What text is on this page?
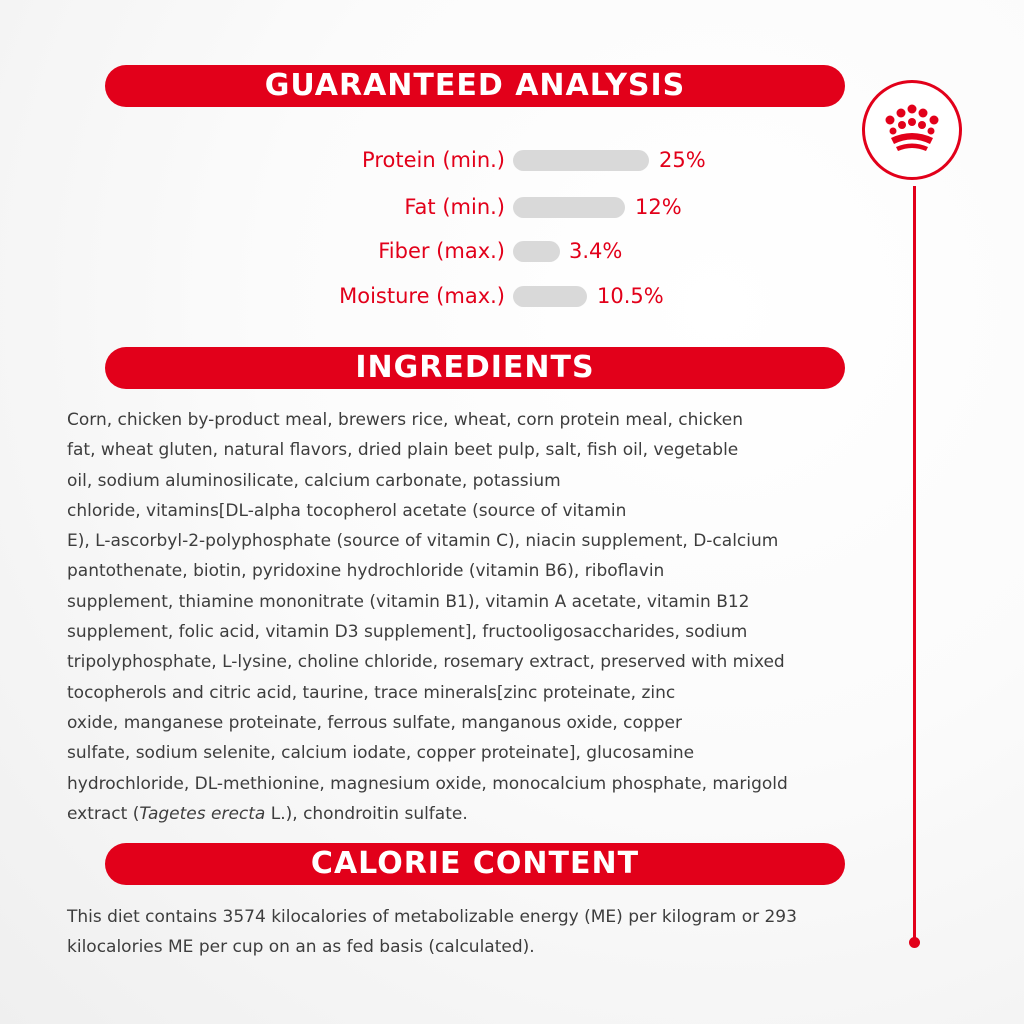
GUARANTEED ANALYSIS
Protein (min.)	25%
Fat (min.)	12%
Fiber (max.)	3.4%
Moisture (max.)	10.5%
INGREDIENTS
Corn, chicken by-product meal, brewers rice, wheat, corn protein meal, chicken
fat, wheat gluten, natural flavors, dried plain beet pulp, salt, fish oil, vegetable
oil, sodium aluminosilicate, calcium carbonate, potassium
chloride, vitamins[DL-alpha tocopherol acetate (source of vitamin
E), L-ascorbyl-2-polyphosphate (source of vitamin C), niacin supplement, D-calcium
pantothenate, biotin, pyridoxine hydrochloride (vitamin B6), riboflavin
supplement, thiamine mononitrate (vitamin B1), vitamin A acetate, vitamin B12
supplement, folic acid, vitamin D3 supplement], fructooligosaccharides, sodium
tripolyphosphate, L-lysine, choline chloride, rosemary extract, preserved with mixed
tocopherols and citric acid, taurine, trace minerals[zinc proteinate, zinc
oxide, manganese proteinate, ferrous sulfate, manganous oxide, copper
sulfate, sodium selenite, calcium iodate, copper proteinate], glucosamine
hydrochloride, DL-methionine, magnesium oxide, monocalcium phosphate, marigold
extract (Tagetes erecta L.), chondroitin sulfate.
CALORIE CONTENT
This diet contains 3574 kilocalories of metabolizable energy (ME) per kilogram or 293
kilocalories ME per cup on an as fed basis (calculated).
